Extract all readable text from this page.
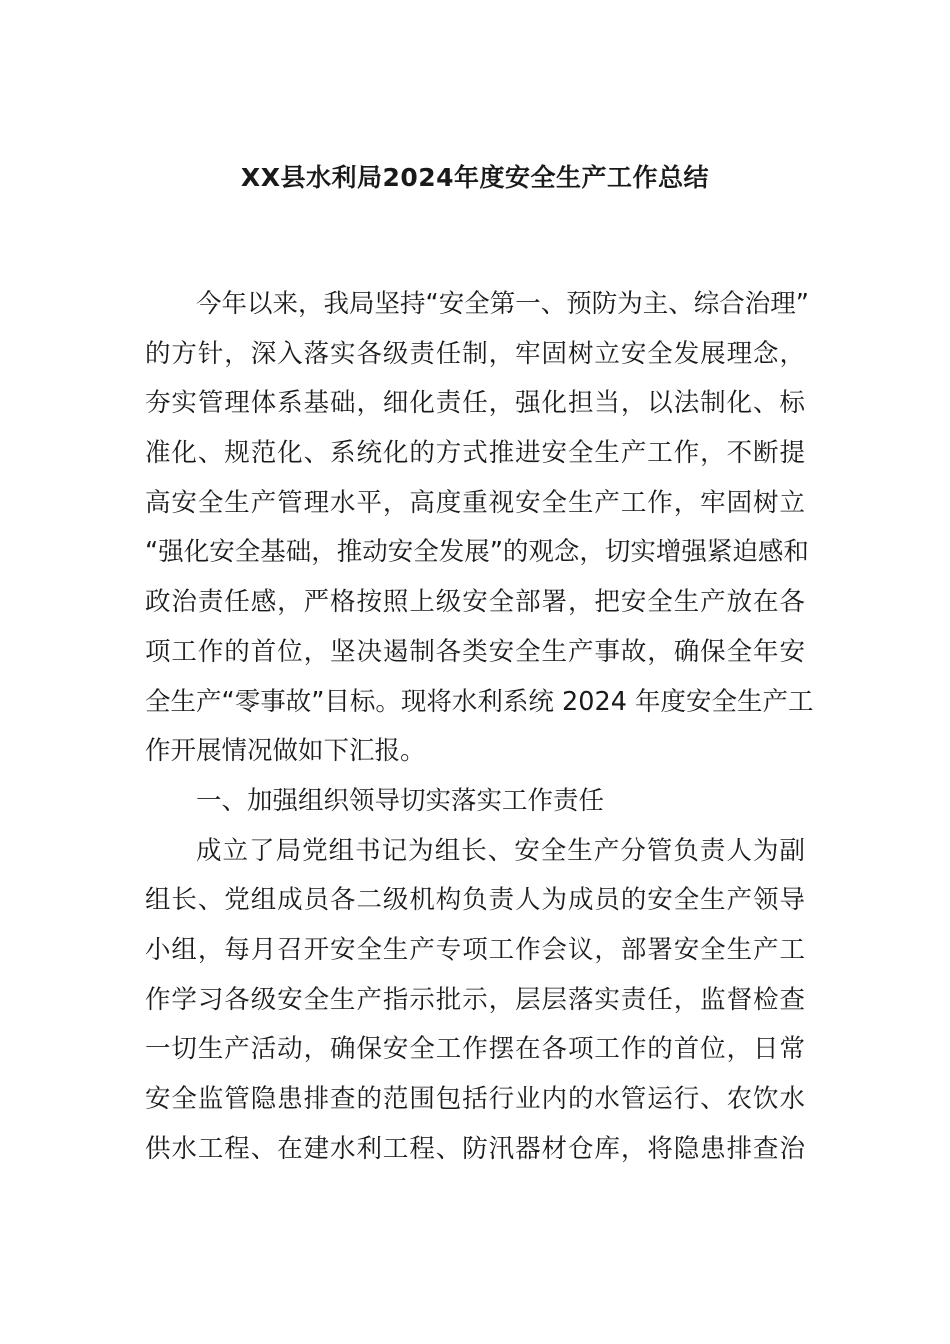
XX县水利局2024年度安全生产工作总结
今年以来，我局坚持“安全第一、预防为主、综合治理”
的方针，深入落实各级责任制，牢固树立安全发展理念，
夯实管理体系基础，细化责任，强化担当，以法制化、标
准化、规范化、系统化的方式推进安全生产工作，不断提
高安全生产管理水平，高度重视安全生产工作，牢固树立
“强化安全基础，推动安全发展”的观念，切实增强紧迫感和
政治责任感，严格按照上级安全部署，把安全生产放在各
项工作的首位，坚决遏制各类安全生产事故，确保全年安
全生产“零事故”目标。现将水利系统 2024 年度安全生产工
作开展情况做如下汇报。
一、加强组织领导切实落实工作责任
成立了局党组书记为组长、安全生产分管负责人为副
组长、党组成员各二级机构负责人为成员的安全生产领导
小组，每月召开安全生产专项工作会议，部署安全生产工
作学习各级安全生产指示批示，层层落实责任，监督检查
一切生产活动，确保安全工作摆在各项工作的首位，日常
安全监管隐患排查的范围包括行业内的水管运行、农饮水
供水工程、在建水利工程、防汛器材仓库，将隐患排查治
